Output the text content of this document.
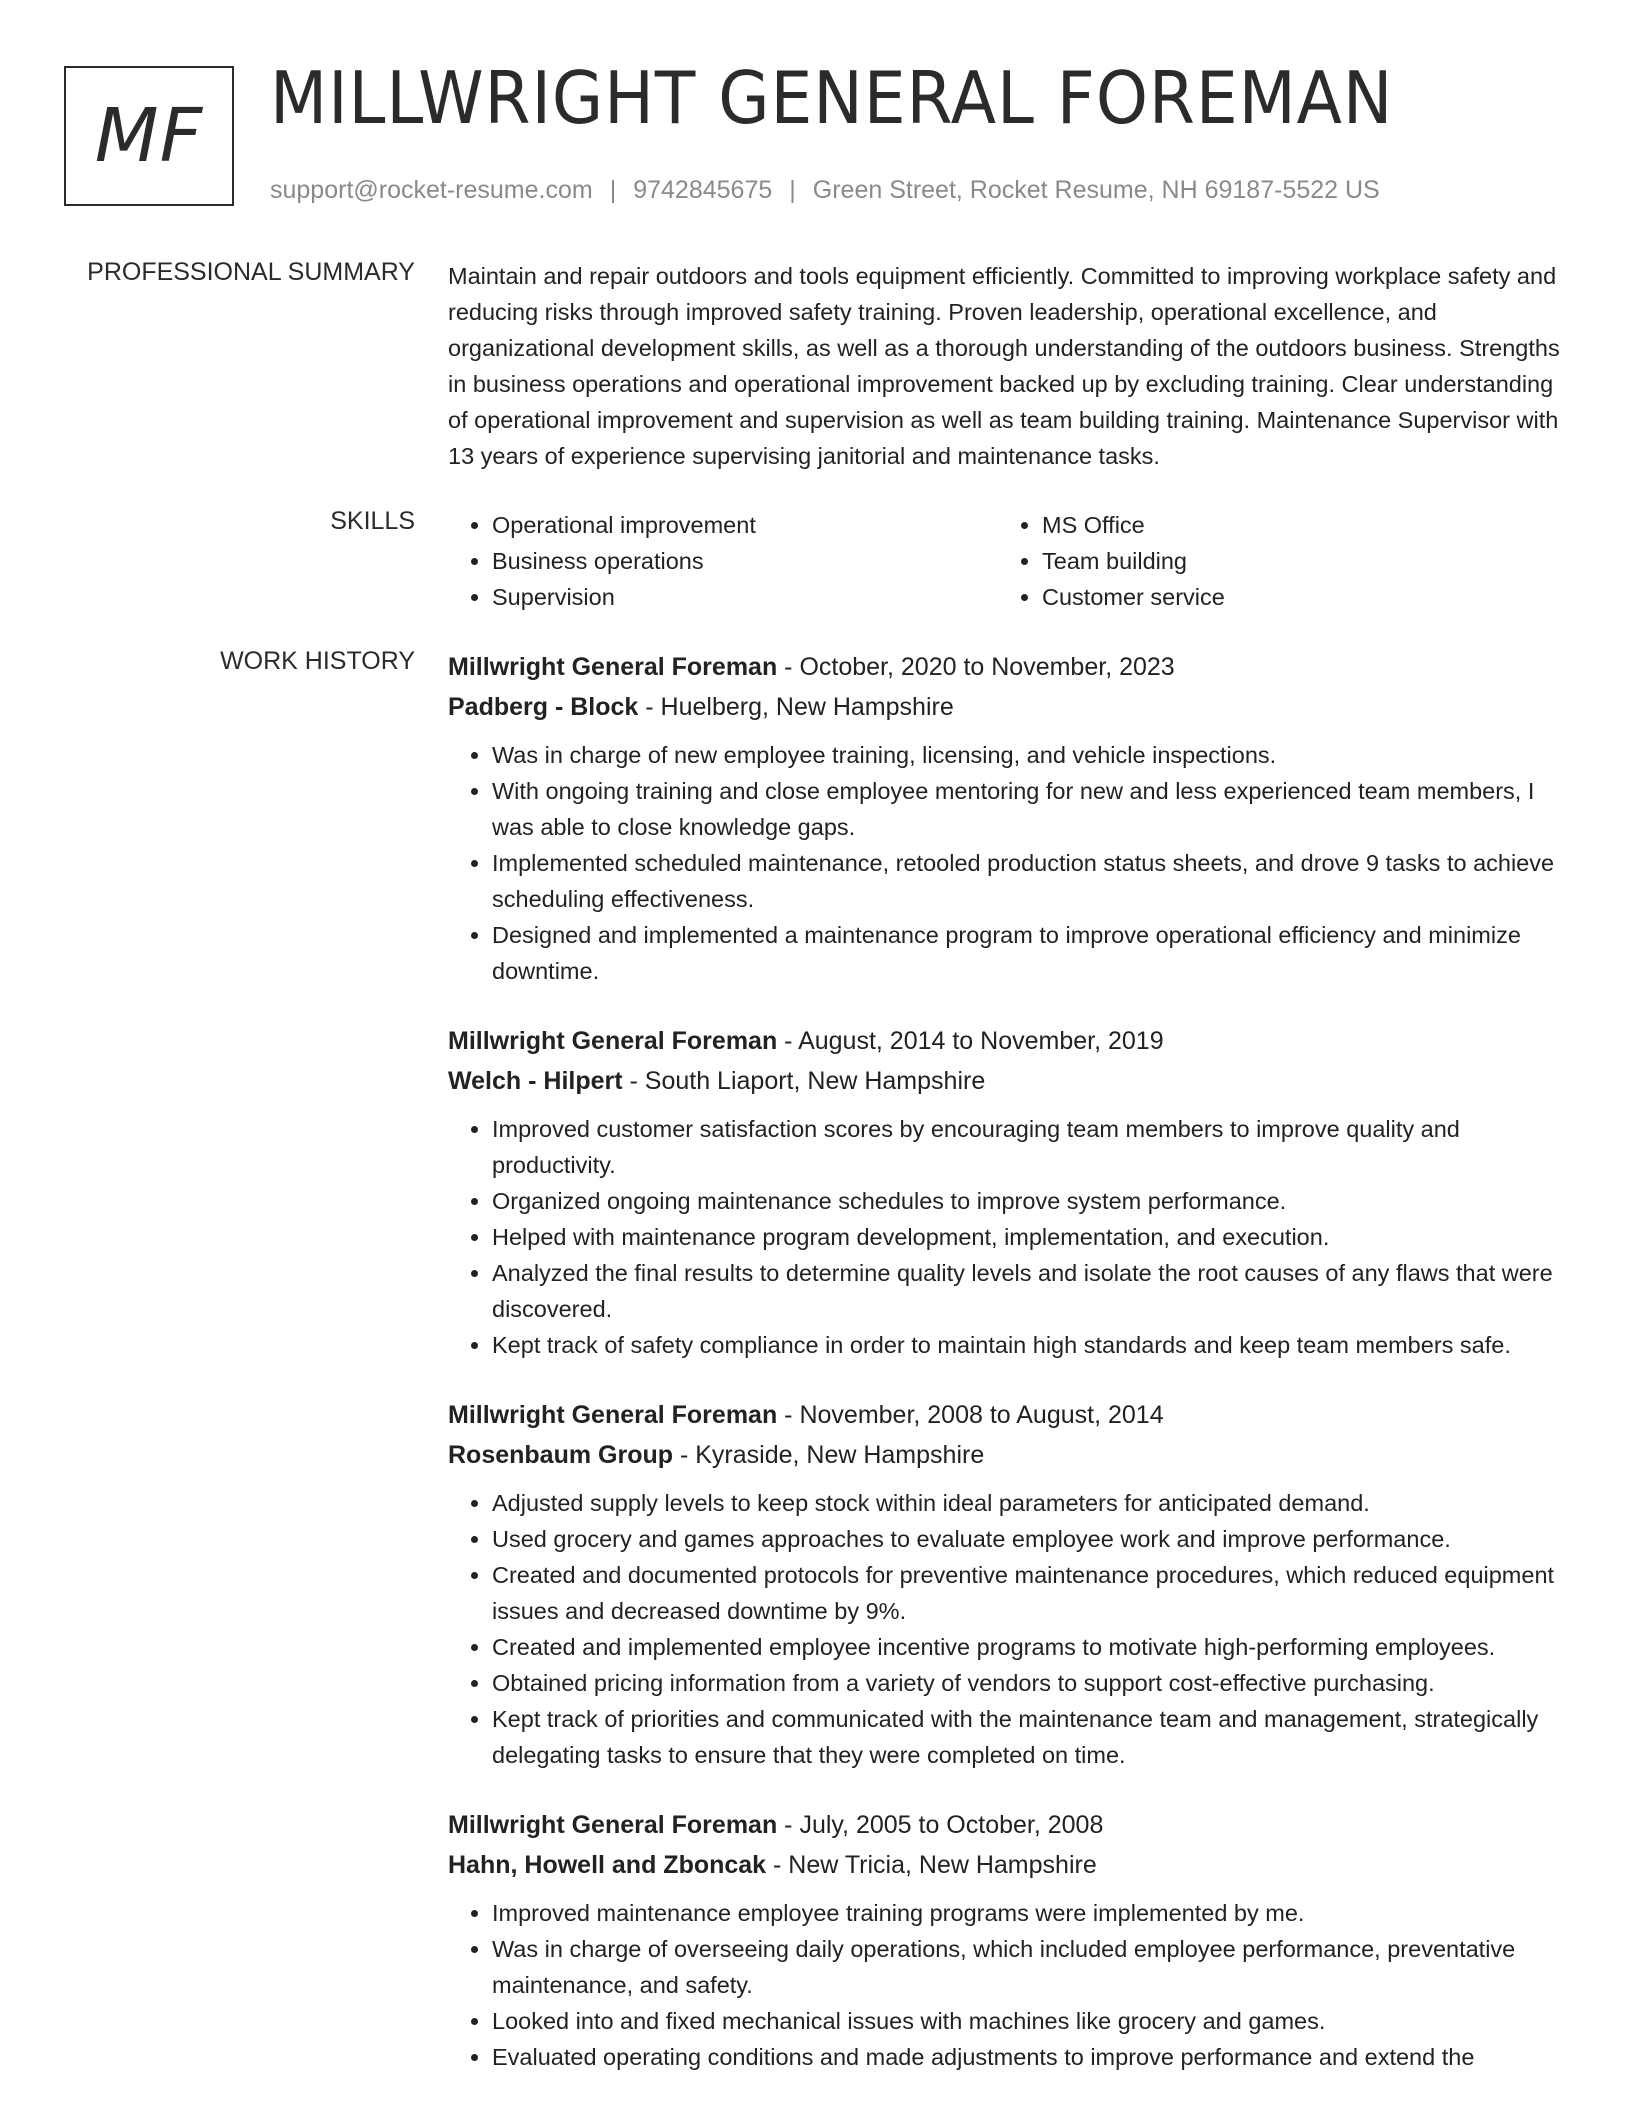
MF MILLWRIGHT GENERAL FOREMAN
support@rocket-resume.com | 9742845675 | Green Street, Rocket Resume, NH 69187-5522 US
PROFESSIONAL SUMMARY Maintain and repair outdoors and tools equipment efficiently. Committed to improving workplace safety and reducing risks through improved safety training. Proven leadership, operational excellence, and organizational development skills, as well as a thorough understanding of the outdoors business. Strengths in business operations and operational improvement backed up by excluding training. Clear understanding of operational improvement and supervision as well as team building training. Maintenance Supervisor with 13 years of experience supervising janitorial and maintenance tasks.

SKILLS
•	Operational improvement
• Business operations
• Supervision
• MS Office
• Team building
• Customer service
WORK HISTORY Millwright General Foreman - October, 2020 to November, 2023
Padberg - Block - Huelberg, New Hampshire
• Was in charge of new employee training, licensing, and vehicle inspections.
• With ongoing training and close employee mentoring for new and less experienced team members, I was able to close knowledge gaps.
• Implemented scheduled maintenance, retooled production status sheets, and drove 9 tasks to achieve scheduling effectiveness.
• Designed and implemented a maintenance program to improve operational efficiency and minimize downtime.
Millwright General Foreman - August, 2014 to November, 2019
Welch - Hilpert - South Liaport, New Hampshire
• Improved customer satisfaction scores by encouraging team members to improve quality and productivity.
• Organized ongoing maintenance schedules to improve system performance.
• Helped with maintenance program development, implementation, and execution.
• Analyzed the final results to determine quality levels and isolate the root causes of any flaws that were discovered.
• Kept track of safety compliance in order to maintain high standards and keep team members safe.
Millwright General Foreman - November, 2008 to August, 2014
Rosenbaum Group - Kyraside, New Hampshire
• Adjusted supply levels to keep stock within ideal parameters for anticipated demand.
• Used grocery and games approaches to evaluate employee work and improve performance.
• Created and documented protocols for preventive maintenance procedures, which reduced equipment issues and decreased downtime by 9%.
• Created and implemented employee incentive programs to motivate high-performing employees.
• Obtained pricing information from a variety of vendors to support cost-effective purchasing.
• Kept track of priorities and communicated with the maintenance team and management, strategically delegating tasks to ensure that they were completed on time.
Millwright General Foreman - July, 2005 to October, 2008
Hahn, Howell and Zboncak - New Tricia, New Hampshire
• Improved maintenance employee training programs were implemented by me.
• Was in charge of overseeing daily operations, which included employee performance, preventative maintenance, and safety.
• Looked into and fixed mechanical issues with machines like grocery and games.
• Evaluated operating conditions and made adjustments to improve performance and extend the
